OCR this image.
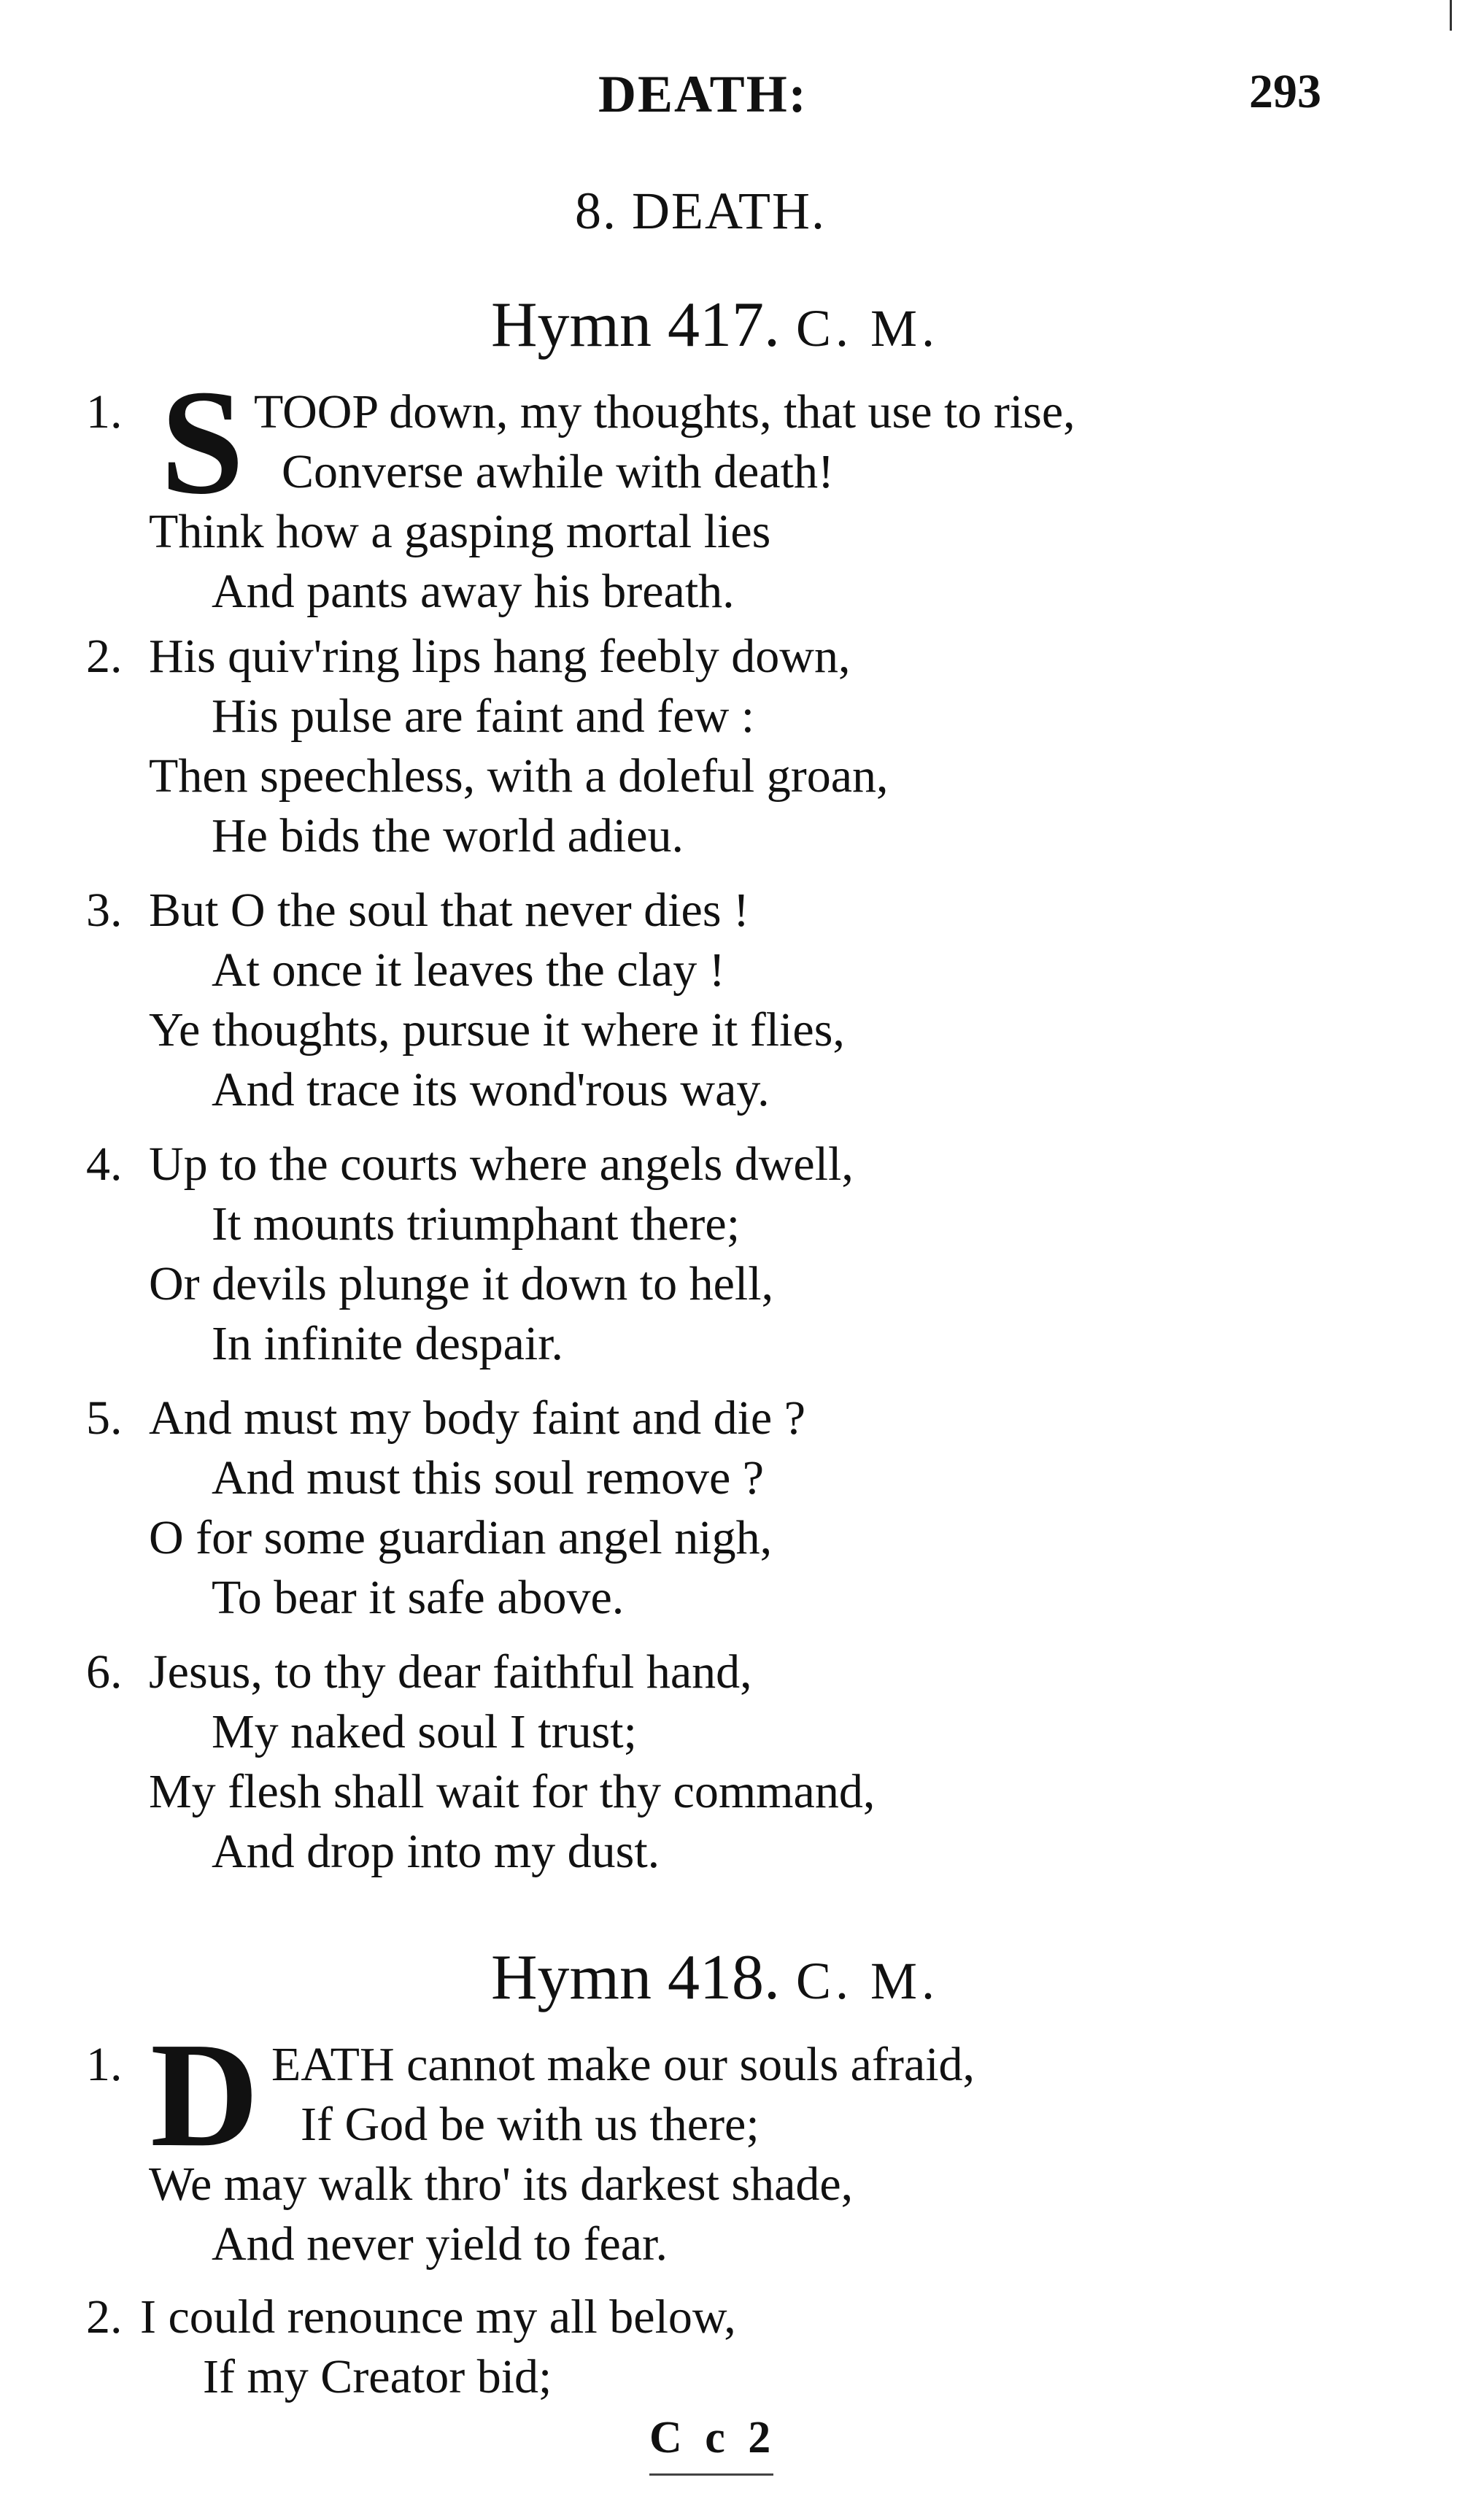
DEATH:	293
8. DEATH.
Hymn 417. C. M.
1. S TOOP down, my thoughts, that use to rise,
Converse awhile with death!
Think how a gasping mortal lies
And pants away his breath.
2. His quiv'ring lips hang feebly down,
His pulse are faint and few :
Then speechless, with a doleful groan,
He bids the world adieu.
3. But O the soul that never dies !
At once it leaves the clay !
Ye thoughts, pursue it where it flies,
And trace its wond'rous way.
4. Up to the courts where angels dwell,
It mounts triumphant there;
Or devils plunge it down to hell,
In infinite despair.
5. And must my body faint and die ?
And must this soul remove ?
O for some guardian angel nigh,
To bear it safe above.
6. Jesus, to thy dear faithful hand,
My naked soul I trust;
My flesh shall wait for thy command,
And drop into my dust.
Hymn 418. C. M.
1. D EATH cannot make our souls afraid,
If God be with us there;
We may walk thro' its darkest shade,
And never yield to fear.
2. I could renounce my all below,
If my Creator bid;
C c 2
